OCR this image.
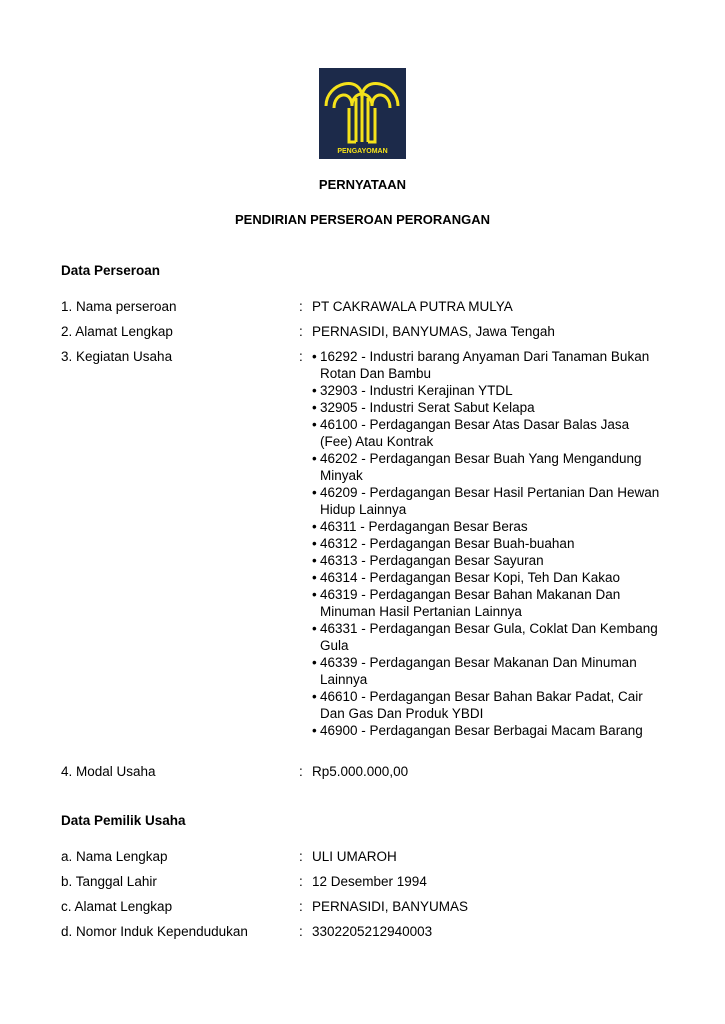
PENGAYOMAN
PERNYATAAN
PENDIRIAN PERSEROAN PERORANGAN
Data Perseroan
1. Nama perseroan	: PT CAKRAWALA PUTRA MULYA
2. Alamat Lengkap	: PERNASIDI, BANYUMAS, Jawa Tengah
3. Kegiatan Usaha	:
•	16292 - Industri barang Anyaman Dari Tanaman Bukan Rotan Dan Bambu
• 32903 - Industri Kerajinan YTDL
• 32905 - Industri Serat Sabut Kelapa
• 46100 - Perdagangan Besar Atas Dasar Balas Jasa (Fee) Atau Kontrak
• 46202 - Perdagangan Besar Buah Yang Mengandung Minyak
• 46209 - Perdagangan Besar Hasil Pertanian Dan Hewan Hidup Lainnya
• 46311 - Perdagangan Besar Beras
• 46312 - Perdagangan Besar Buah-buahan
• 46313 - Perdagangan Besar Sayuran
• 46314 - Perdagangan Besar Kopi, Teh Dan Kakao
• 46319 - Perdagangan Besar Bahan Makanan Dan Minuman Hasil Pertanian Lainnya
• 46331 - Perdagangan Besar Gula, Coklat Dan Kembang Gula
• 46339 - Perdagangan Besar Makanan Dan Minuman Lainnya
• 46610 - Perdagangan Besar Bahan Bakar Padat, Cair Dan Gas Dan Produk YBDI
• 46900 - Perdagangan Besar Berbagai Macam Barang
4. Modal Usaha	: Rp5.000.000,00
Data Pemilik Usaha
a. Nama Lengkap	: ULI UMAROH
b. Tanggal Lahir	: 12 Desember 1994
c. Alamat Lengkap	: PERNASIDI, BANYUMAS
d. Nomor Induk Kependudukan	: 3302205212940003
